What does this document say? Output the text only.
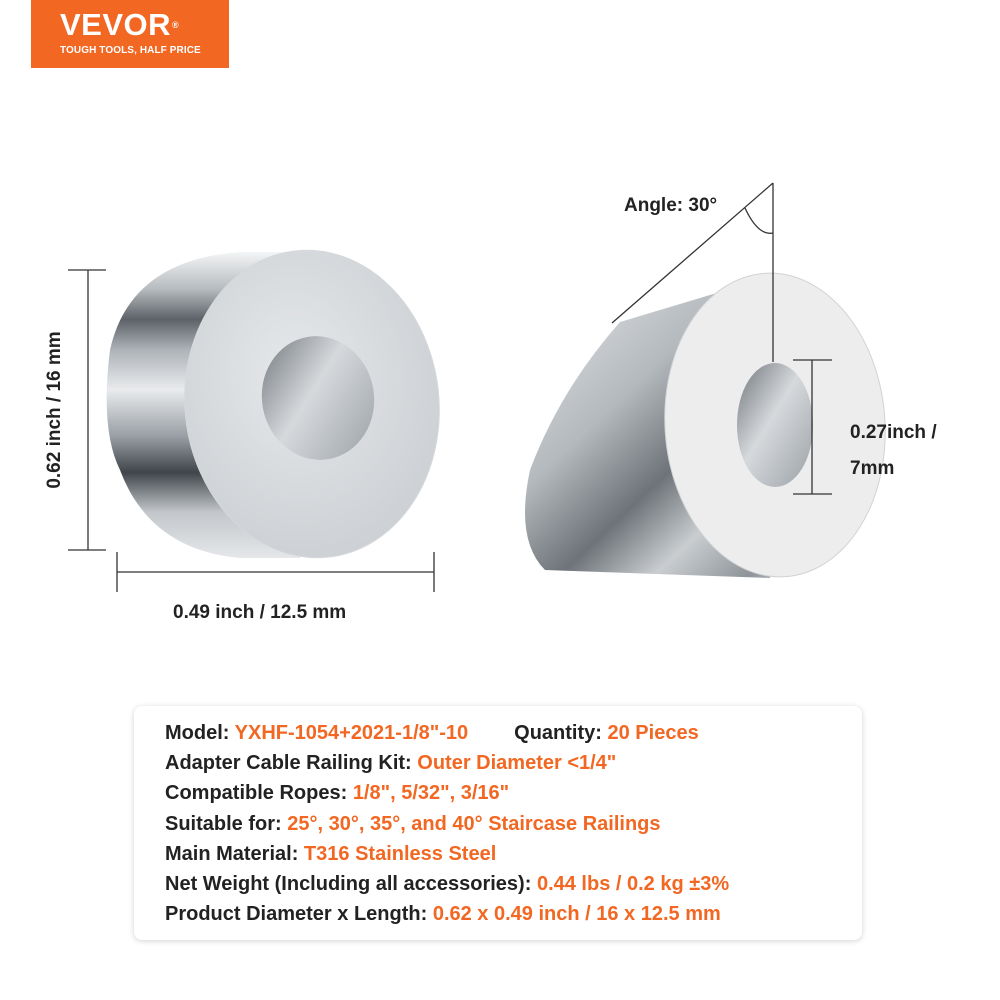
VEVOR®
TOUGH TOOLS, HALF PRICE
0.62 inch / 16 mm
0.49 inch / 12.5 mm
Angle: 30°
0.27inch /
7mm
Model: YXHF-1054+2021-1/8"-10 Quantity: 20 Pieces
Adapter Cable Railing Kit: Outer Diameter <1/4"
Compatible Ropes: 1/8", 5/32", 3/16"
Suitable for: 25°, 30°, 35°, and 40° Staircase Railings
Main Material: T316 Stainless Steel
Net Weight (Including all accessories): 0.44 lbs / 0.2 kg ±3%
Product Diameter x Length: 0.62 x 0.49 inch / 16 x 12.5 mm
